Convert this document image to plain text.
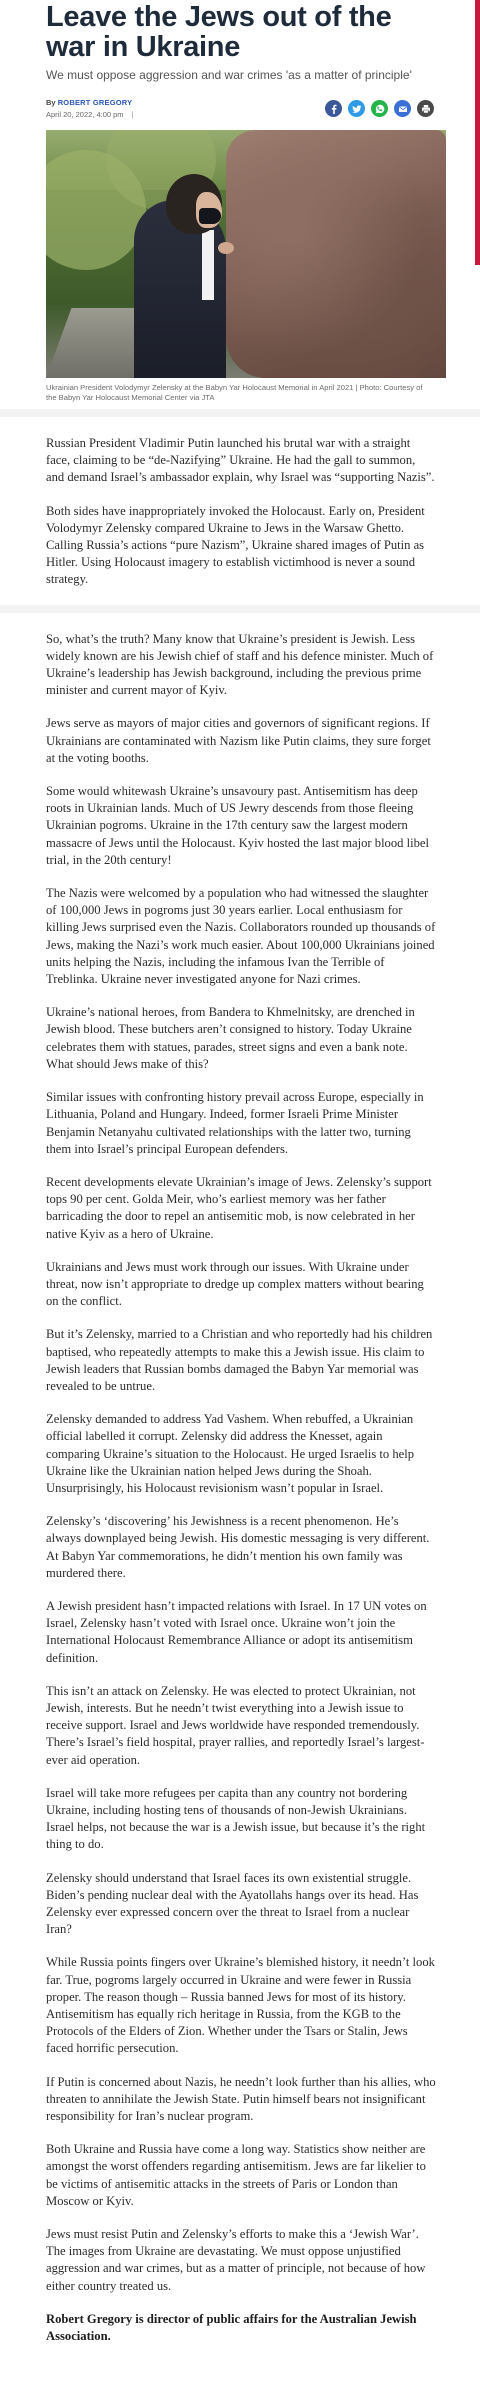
Leave the Jews out of the war in Ukraine

We must oppose aggression and war crimes 'as a matter of principle'

By ROBERT GREGORY
April 20, 2022, 4:00 pm |

Ukrainian President Volodymyr Zelensky at the Babyn Yar Holocaust Memorial in April 2021 | Photo: Courtesy of the Babyn Yar Holocaust Memorial Center via JTA

Russian President Vladimir Putin launched his brutal war with a straight face, claiming to be “de-Nazifying” Ukraine. He had the gall to summon, and demand Israel’s ambassador explain, why Israel was “supporting Nazis”.

Both sides have inappropriately invoked the Holocaust. Early on, President Volodymyr Zelensky compared Ukraine to Jews in the Warsaw Ghetto. Calling Russia’s actions “pure Nazism”, Ukraine shared images of Putin as Hitler. Using Holocaust imagery to establish victimhood is never a sound strategy.

So, what’s the truth? Many know that Ukraine’s president is Jewish. Less widely known are his Jewish chief of staff and his defence minister. Much of Ukraine’s leadership has Jewish background, including the previous prime minister and current mayor of Kyiv.

Jews serve as mayors of major cities and governors of significant regions. If Ukrainians are contaminated with Nazism like Putin claims, they sure forget at the voting booths.

Some would whitewash Ukraine’s unsavoury past. Antisemitism has deep roots in Ukrainian lands. Much of US Jewry descends from those fleeing Ukrainian pogroms. Ukraine in the 17th century saw the largest modern massacre of Jews until the Holocaust. Kyiv hosted the last major blood libel trial, in the 20th century!

The Nazis were welcomed by a population who had witnessed the slaughter of 100,000 Jews in pogroms just 30 years earlier. Local enthusiasm for killing Jews surprised even the Nazis. Collaborators rounded up thousands of Jews, making the Nazi’s work much easier. About 100,000 Ukrainians joined units helping the Nazis, including the infamous Ivan the Terrible of Treblinka. Ukraine never investigated anyone for Nazi crimes.

Ukraine’s national heroes, from Bandera to Khmelnitsky, are drenched in Jewish blood. These butchers aren’t consigned to history. Today Ukraine celebrates them with statues, parades, street signs and even a bank note. What should Jews make of this?

Similar issues with confronting history prevail across Europe, especially in Lithuania, Poland and Hungary. Indeed, former Israeli Prime Minister Benjamin Netanyahu cultivated relationships with the latter two, turning them into Israel’s principal European defenders.

Recent developments elevate Ukrainian’s image of Jews. Zelensky’s support tops 90 per cent. Golda Meir, who’s earliest memory was her father barricading the door to repel an antisemitic mob, is now celebrated in her native Kyiv as a hero of Ukraine.

Ukrainians and Jews must work through our issues. With Ukraine under threat, now isn’t appropriate to dredge up complex matters without bearing on the conflict.

But it’s Zelensky, married to a Christian and who reportedly had his children baptised, who repeatedly attempts to make this a Jewish issue. His claim to Jewish leaders that Russian bombs damaged the Babyn Yar memorial was revealed to be untrue.

Zelensky demanded to address Yad Vashem. When rebuffed, a Ukrainian official labelled it corrupt. Zelensky did address the Knesset, again comparing Ukraine’s situation to the Holocaust. He urged Israelis to help Ukraine like the Ukrainian nation helped Jews during the Shoah. Unsurprisingly, his Holocaust revisionism wasn’t popular in Israel.

Zelensky’s ‘discovering’ his Jewishness is a recent phenomenon. He’s always downplayed being Jewish. His domestic messaging is very different. At Babyn Yar commemorations, he didn’t mention his own family was murdered there.

A Jewish president hasn’t impacted relations with Israel. In 17 UN votes on Israel, Zelensky hasn’t voted with Israel once. Ukraine won’t join the International Holocaust Remembrance Alliance or adopt its antisemitism definition.

This isn’t an attack on Zelensky. He was elected to protect Ukrainian, not Jewish, interests. But he needn’t twist everything into a Jewish issue to receive support. Israel and Jews worldwide have responded tremendously. There’s Israel’s field hospital, prayer rallies, and reportedly Israel’s largest-ever aid operation.

Israel will take more refugees per capita than any country not bordering Ukraine, including hosting tens of thousands of non-Jewish Ukrainians. Israel helps, not because the war is a Jewish issue, but because it’s the right thing to do.

Zelensky should understand that Israel faces its own existential struggle. Biden’s pending nuclear deal with the Ayatollahs hangs over its head. Has Zelensky ever expressed concern over the threat to Israel from a nuclear Iran?

While Russia points fingers over Ukraine’s blemished history, it needn’t look far. True, pogroms largely occurred in Ukraine and were fewer in Russia proper. The reason though – Russia banned Jews for most of its history. Antisemitism has equally rich heritage in Russia, from the KGB to the Protocols of the Elders of Zion. Whether under the Tsars or Stalin, Jews faced horrific persecution.

If Putin is concerned about Nazis, he needn’t look further than his allies, who threaten to annihilate the Jewish State. Putin himself bears not insignificant responsibility for Iran’s nuclear program.

Both Ukraine and Russia have come a long way. Statistics show neither are amongst the worst offenders regarding antisemitism. Jews are far likelier to be victims of antisemitic attacks in the streets of Paris or London than Moscow or Kyiv.

Jews must resist Putin and Zelensky’s efforts to make this a ‘Jewish War’. The images from Ukraine are devastating. We must oppose unjustified aggression and war crimes, but as a matter of principle, not because of how either country treated us.

Robert Gregory is director of public affairs for the Australian Jewish Association.
